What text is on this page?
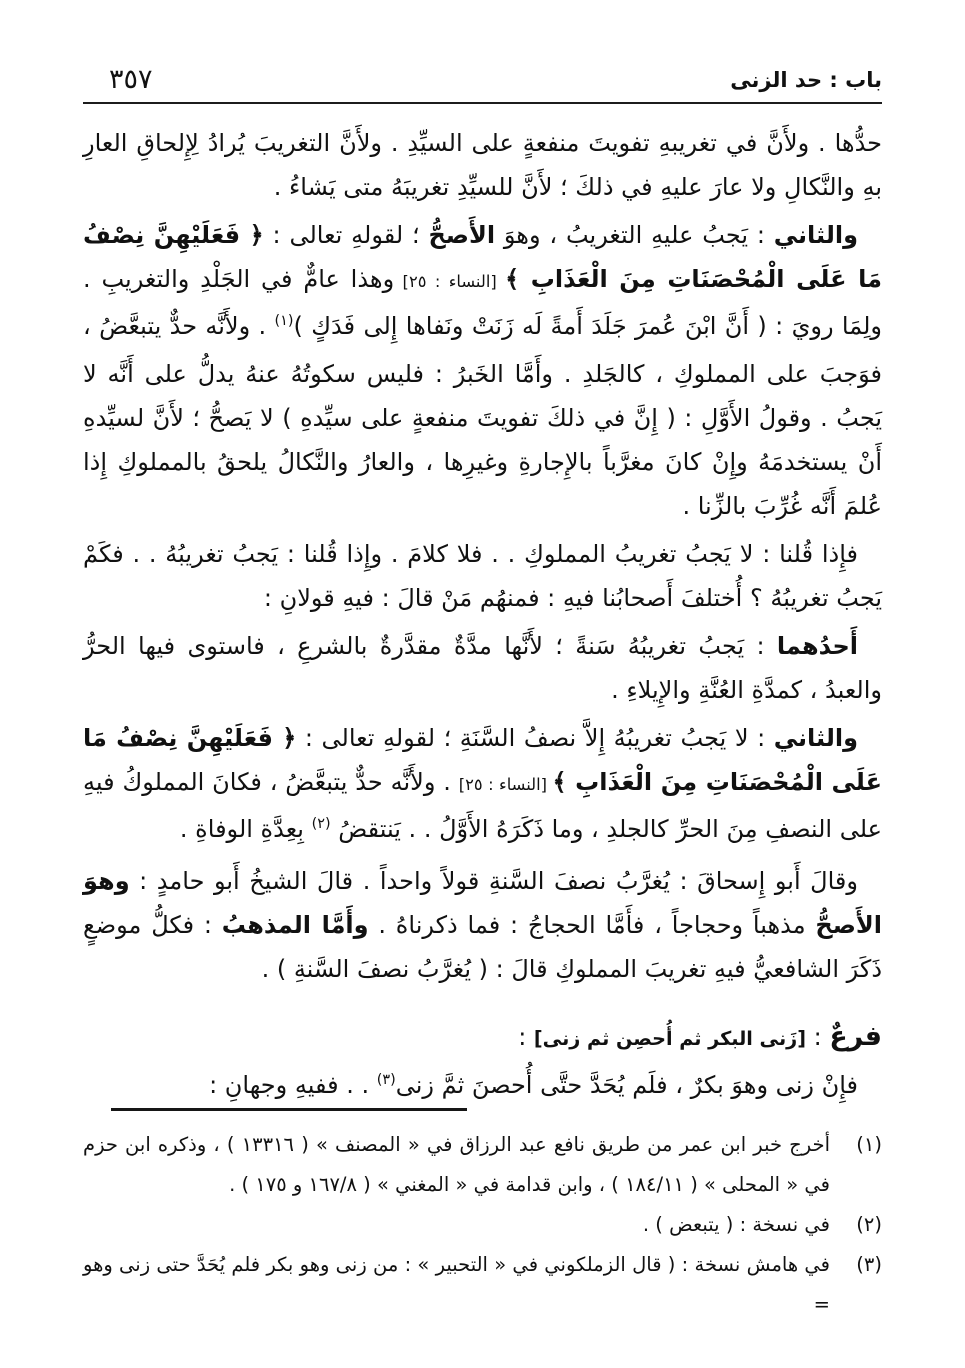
باب : حد الزنى
٣٥٧

حدُّها . ولأَنَّ في تغريبهِ تفويتَ منفعةٍ على السيِّدِ . ولأَنَّ التغريبَ يُرادُ لِإِلحاقِ العارِ بهِ والنَّكالِ ولا عارَ عليهِ في ذلكَ ؛ لأَنَّ للسيِّدِ تغريبَهُ متى يَشاءُ .

والثاني : يَجبُ عليهِ التغريبُ ، وهوَ الأَصحُّ ؛ لقولهِ تعالى : ﴿ فَعَلَيْهِنَّ نِصْفُ مَا عَلَى الْمُحْصَنَاتِ مِنَ الْعَذَابِ ﴾ [النساء : ٢٥] وهذا عامٌّ في الجَلْدِ والتغريبِ . ولِمَا رويَ : ( أَنَّ ابْنَ عُمرَ جَلَدَ أَمةً لَه زَنَتْ ونَفاها إِلى فَدَكٍ )$^{(١)}$ . ولأَنَّه حدٌّ يتبعَّضُ ، فوَجبَ على المملوكِ ، كالجَلدِ . وأَمَّا الخَبرُ : فليس سكوتُهُ عنهُ يدلُّ على أَنَّه لا يَجبُ . وقولُ الأَوَّلِ : ( إِنَّ في ذلكَ تفويتَ منفعةٍ على سيِّدهِ ) لا يَصحُّ ؛ لأَنَّ لسيِّدهِ أَنْ يستخدمَهُ وإِنْ كانَ مغرَّباً بالإِجارةِ وغيرِها ، والعارُ والنَّكالُ يلحقُ بالمملوكِ إِذا عُلمَ أَنَّه غُرِّبَ بالزِّنا .

فإِذا قُلنا : لا يَجبُ تغريبُ المملوكِ . . فلا كلامَ . وإِذا قُلنا : يَجبُ تغريبُهُ . . فكَمْ يَجبُ تغريبُهُ ؟ أُختلفَ أَصحابُنا فيهِ : فمنهُم مَنْ قالَ : فيهِ قولانِ :

أَحدُهما : يَجبُ تغريبُهُ سَنةً ؛ لأَنَّها مدَّةٌ مقدَّرةٌ بالشرعِ ، فاستوى فيها الحرُّ والعبدُ ، كمدَّةِ العُنَّةِ والإِيلاءِ .

والثاني : لا يَجبُ تغريبُهُ إِلاَّ نصفُ السَّنَةِ ؛ لقولهِ تعالى : ﴿ فَعَلَيْهِنَّ نِصْفُ مَا عَلَى الْمُحْصَنَاتِ مِنَ الْعَذَابِ ﴾ [النساء : ٢٥] . ولأَنَّه حدٌّ يتبعَّضُ ، فكانَ المملوكُ فيهِ على النصفِ مِنَ الحرِّ كالجلدِ ، وما ذَكَرَهُ الأَوَّلُ . . يَنتقضُ $^{(٢)}$ بِعِدَّةِ الوفاةِ .

وقالَ أَبو إِسحاقَ : يُغرَّبُ نصفَ السَّنةِ قولاً واحداً . قالَ الشيخُ أَبو حامدٍ : وهوَ الأَصحُّ مذهباً وحجاجاً ، فأَمَّا الحجاجُ : فما ذكرناهُ . وأَمَّا المذهبُ : فكلُّ موضعٍ ذَكَرَ الشافعيُّ فيهِ تغريبَ المملوكِ قالَ : ( يُغرَّبُ نصفَ السَّنةِ ) .

فرعٌ : [زَنى البكر ثم أُحصِن ثم زنى] :

فإِنْ زنى وهوَ بكرٌ ، فلَم يُحَدَّ حتَّى أُحصنَ ثمَّ زنى$^{(٣)}$ . . ففيهِ وجهانِ :

(١)
أخرج خبر ابن عمر من طريق نافع عبد الرزاق في « المصنف » ( ١٣٣١٦ ) ، وذكره ابن حزم في « المحلى » ( ١٨٤/١١ ) ، وابن قدامة في « المغني » ( ١٦٧/٨ و ١٧٥ ) .
(٢)
في نسخة : ( يتبعض ) .
(٣)
في هامش نسخة : ( قال الزملكوني في « التحبير » : من زنى وهو بكر فلم يُحَدَّ حتى زنى وهو =
